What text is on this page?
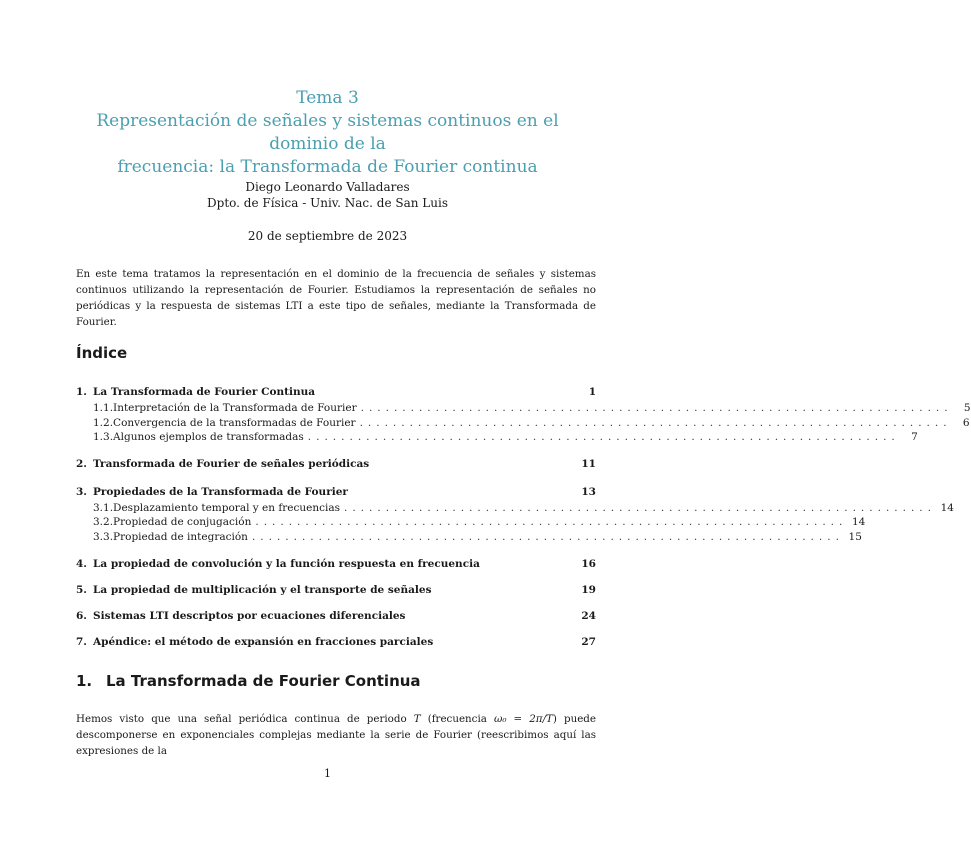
Tema 3
Representación de señales y sistemas continuos en el dominio de la
frecuencia: la Transformada de Fourier continua
Diego Leonardo Valladares
Dpto. de Física - Univ. Nac. de San Luis
20 de septiembre de 2023
En este tema tratamos la representación en el dominio de la frecuencia de señales y sistemas continuos utilizando la representación de Fourier. Estudiamos la representación de señales no periódicas y la respuesta de sistemas LTI a este tipo de señales, mediante la Transformada de Fourier.
Índice
1. La Transformada de Fourier Continua	1
1.1. Interpretación de la Transformada de Fourier .......................................................................	5
1.2. Convergencia de la transformadas de Fourier .......................................................................	6
1.3. Algunos ejemplos de transformadas .......................................................................	7
2. Transformada de Fourier de señales periódicas	11
3. Propiedades de la Transformada de Fourier	13
3.1. Desplazamiento temporal y en frecuencias ....................................................................... 14
3.2. Propiedad de conjugación ....................................................................... 14
3.3. Propiedad de integración ....................................................................... 15
4. La propiedad de convolución y la función respuesta en frecuencia	16
5. La propiedad de multiplicación y el transporte de señales	19
6. Sistemas LTI descriptos por ecuaciones diferenciales	24
7. Apéndice: el método de expansión en fracciones parciales	27
1. La Transformada de Fourier Continua
Hemos visto que una señal periódica continua de periodo T (frecuencia ω₀ = 2π/T) puede descomponerse en exponenciales complejas mediante la serie de Fourier (reescribimos aquí las expresiones de la
1
